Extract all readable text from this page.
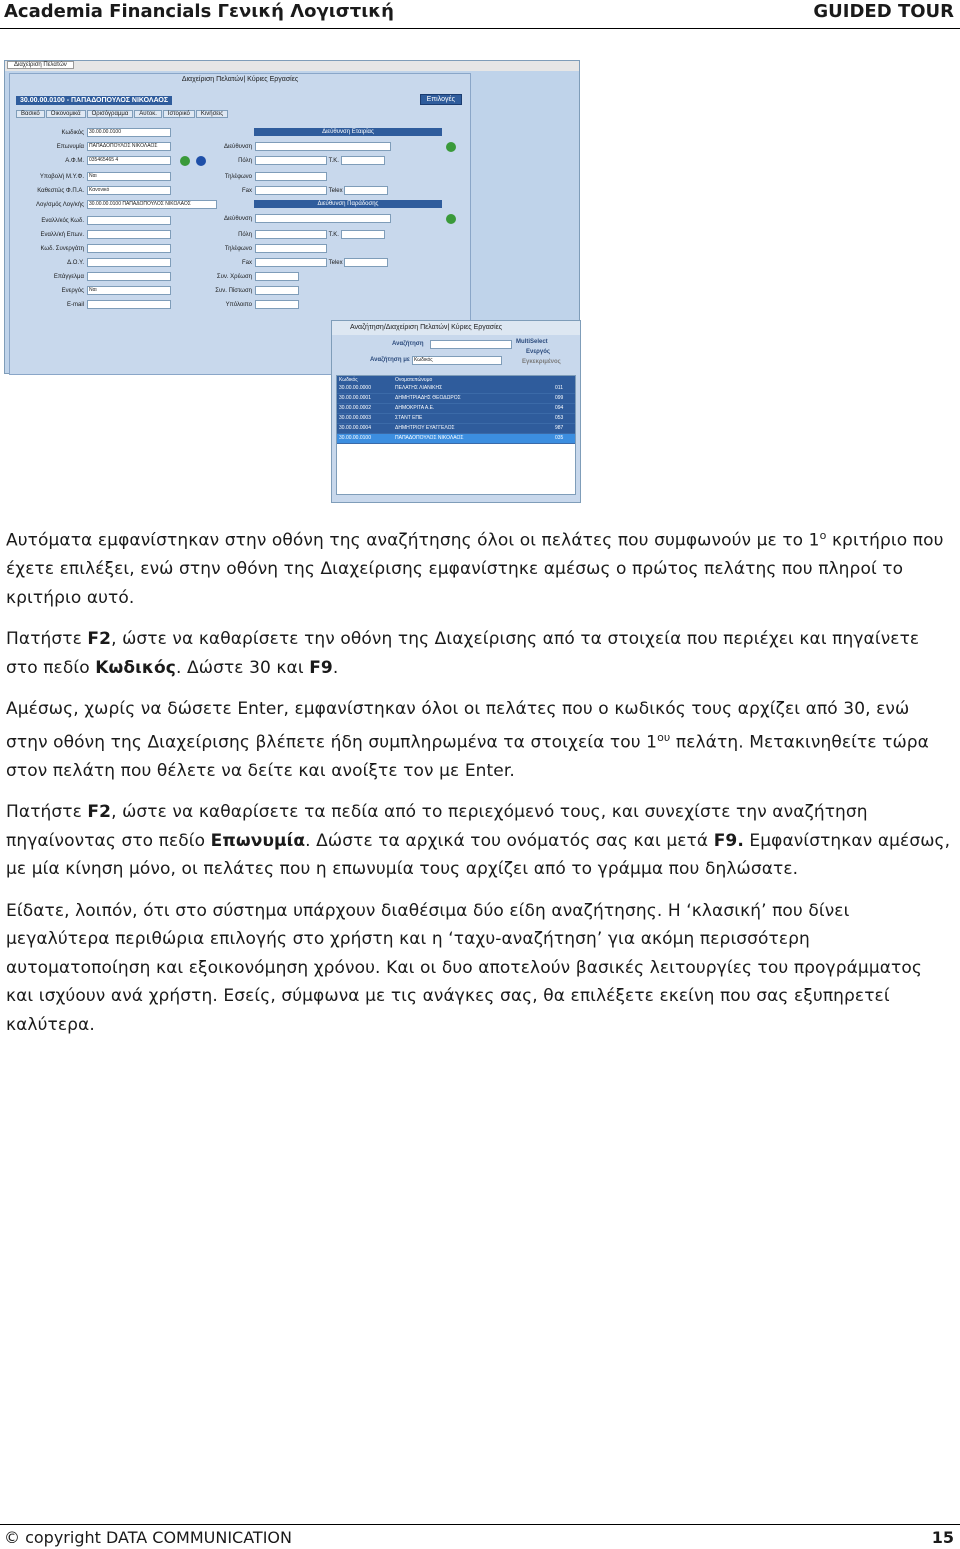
Academia Financials Γενική Λογιστική	GUIDED TOUR
Διαχείριση Πελατών
Διαχείριση Πελατών| Κύριες Εργασίες
30.00.00.0100 - ΠΑΠΑΔΟΠΟΥΛΟΣ ΝΙΚΟΛΑΟΣ	Επιλογές
Βασικό Οικονομικά Ορισόγραμμα Αυτοκ. Ιστορικό Κινήσεις
Κωδικός 30.00.00.0100
Επωνυμία ΠΑΠΑΔΟΠΟΥΛΟΣ ΝΙΚΟΛΑΟΣ
Α.Φ.Μ. 035465465 4
Υποβολή Μ.Υ.Φ. Ναι
Καθεστώς Φ.Π.Α. Κανονικό
Λογ/σμός Λογ/κής 30.00.00.0100 ΠΑΠΑΔΟΠΟΥΛΟΣ ΝΙΚΟΛΑΟΣ
Εναλλ/κός Κωδ.
Εναλλ/κή Επων.
Κωδ. Συνεργάτη
Δ.Ο.Υ.
Επάγγελμα
Ενεργός Ναι
E-mail
Διεύθυνση Εταιρίας
Διεύθυνση
Πόλη	Τ.Κ.
Τηλέφωνο
Fax	Telex
Διεύθυνση Παράδοσης
Διεύθυνση
Πόλη	Τ.Κ.
Τηλέφωνο
Fax	Telex
Συν. Χρέωση
Συν. Πίστωση
Υπόλοιπο
Αναζήτηση/Διαχείριση Πελατών| Κύριες Εργασίες
Αναζήτηση
Αναζήτηση με Κωδικός
MultiSelect
Ενεργός
Εγκεκριμένος
Κωδικός	Ονοματεπώνυμο
30.00.00.0000	ΠΕΛΑΤΗΣ ΛΙΑΝΙΚΗΣ	011
30.00.00.0001	ΔΗΜΗΤΡΙΑΔΗΣ ΘΕΟΔΩΡΟΣ	099
30.00.00.0002	ΔΗΜΟΚΡΙΤΑ Α.Ε.	094
30.00.00.0003	ΣΤΑΝΤ ΕΠΕ	053
30.00.00.0004	ΔΗΜΗΤΡΙΟΥ ΕΥΑΓΓΕΛΟΣ	987
30.00.00.0100	ΠΑΠΑΔΟΠΟΥΛΟΣ ΝΙΚΟΛΑΟΣ	035

Αυτόματα εμφανίστηκαν στην οθόνη της αναζήτησης όλοι οι πελάτες που συμφωνούν με το $1^o$ κριτήριο που έχετε επιλέξει, ενώ στην οθόνη της Διαχείρισης εμφανίστηκε αμέσως ο πρώτος πελάτης που πληροί το κριτήριο αυτό.

Πατήστε F2, ώστε να καθαρίσετε την οθόνη της Διαχείρισης από τα στοιχεία που περιέχει και πηγαίνετε στο πεδίο Κωδικός. Δώστε 30 και F9.

Αμέσως, χωρίς να δώσετε Enter, εμφανίστηκαν όλοι οι πελάτες που ο κωδικός τους αρχίζει από 30, ενώ στην οθόνη της Διαχείρισης βλέπετε ήδη συμπληρωμένα τα στοιχεία του $1^{o\upsilon}$ πελάτη. Μετακινηθείτε τώρα στον πελάτη που θέλετε να δείτε και ανοίξτε τον με Enter.

Πατήστε F2, ώστε να καθαρίσετε τα πεδία από το περιεχόμενό τους, και συνεχίστε την αναζήτηση πηγαίνοντας στο πεδίο Επωνυμία. Δώστε τα αρχικά του ονόματός σας και μετά F9. Εμφανίστηκαν αμέσως, με μία κίνηση μόνο, οι πελάτες που η επωνυμία τους αρχίζει από το γράμμα που δηλώσατε.

Είδατε, λοιπόν, ότι στο σύστημα υπάρχουν διαθέσιμα δύο είδη αναζήτησης. Η ‘κλασική’ που δίνει μεγαλύτερα περιθώρια επιλογής στο χρήστη και η ‘ταχυ-αναζήτηση’ για ακόμη περισσότερη αυτοματοποίηση και εξοικονόμηση χρόνου. Και οι δυο αποτελούν βασικές λειτουργίες του προγράμματος και ισχύουν ανά χρήστη. Εσείς, σύμφωνα με τις ανάγκες σας, θα επιλέξετε εκείνη που σας εξυπηρετεί καλύτερα.

© copyright DATA COMMUNICATION	15
